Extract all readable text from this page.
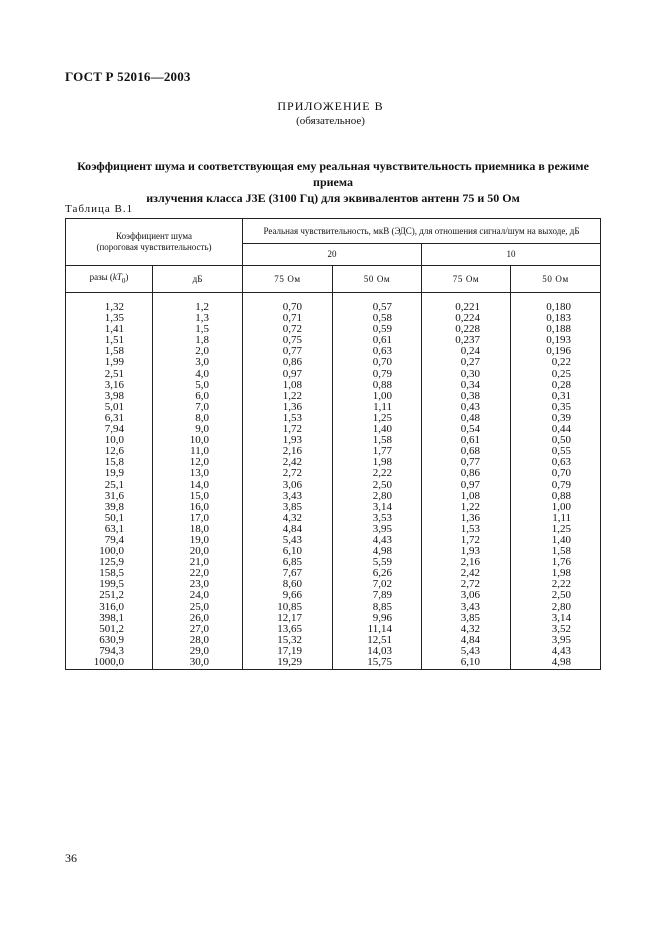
ГОСТ Р 52016—2003
ПРИЛОЖЕНИЕ В
(обязательное)
Коэффициент шума и соответствующая ему реальная чувствительность приемника в режиме приема
излучения класса J3E (3100 Гц) для эквивалентов антенн 75 и 50 Ом
Таблица В.1
Коэффициент шума
(пороговая чувствительность)		Реальная чувствительность, мкВ (ЭДС), для отношения сигнал/шум на выходе, дБ			
		20		10	
разы $(kT_0)$	дБ	75 Ом	50 Ом	75 Ом	50 Ом
1,32	1,2	0,70	0,57	0,221	0,180
1,35	1,3	0,71	0,58	0,224	0,183
1,41	1,5	0,72	0,59	0,228	0,188
1,51	1,8	0,75	0,61	0,237	0,193
1,58	2,0	0,77	0,63	0,24	0,196
1,99	3,0	0,86	0,70	0,27	0,22
2,51	4,0	0,97	0,79	0,30	0,25
3,16	5,0	1,08	0,88	0,34	0,28
3,98	6,0	1,22	1,00	0,38	0,31
5,01	7,0	1,36	1,11	0,43	0,35
6,31	8,0	1,53	1,25	0,48	0,39
7,94	9,0	1,72	1,40	0,54	0,44
10,0	10,0	1,93	1,58	0,61	0,50
12,6	11,0	2,16	1,77	0,68	0,55
15,8	12,0	2,42	1,98	0,77	0,63
19,9	13,0	2,72	2,22	0,86	0,70
25,1	14,0	3,06	2,50	0,97	0,79
31,6	15,0	3,43	2,80	1,08	0,88
39,8	16,0	3,85	3,14	1,22	1,00
50,1	17,0	4,32	3,53	1,36	1,11
63,1	18,0	4,84	3,95	1,53	1,25
79,4	19,0	5,43	4,43	1,72	1,40
100,0	20,0	6,10	4,98	1,93	1,58
125,9	21,0	6,85	5,59	2,16	1,76
158,5	22,0	7,67	6,26	2,42	1,98
199,5	23,0	8,60	7,02	2,72	2,22
251,2	24,0	9,66	7,89	3,06	2,50
316,0	25,0	10,85	8,85	3,43	2,80
398,1	26,0	12,17	9,96	3,85	3,14
501,2	27,0	13,65	11,14	4,32	3,52
630,9	28,0	15,32	12,51	4,84	3,95
794,3	29,0	17,19	14,03	5,43	4,43
1000,0	30,0	19,29	15,75	6,10	4,98
36
